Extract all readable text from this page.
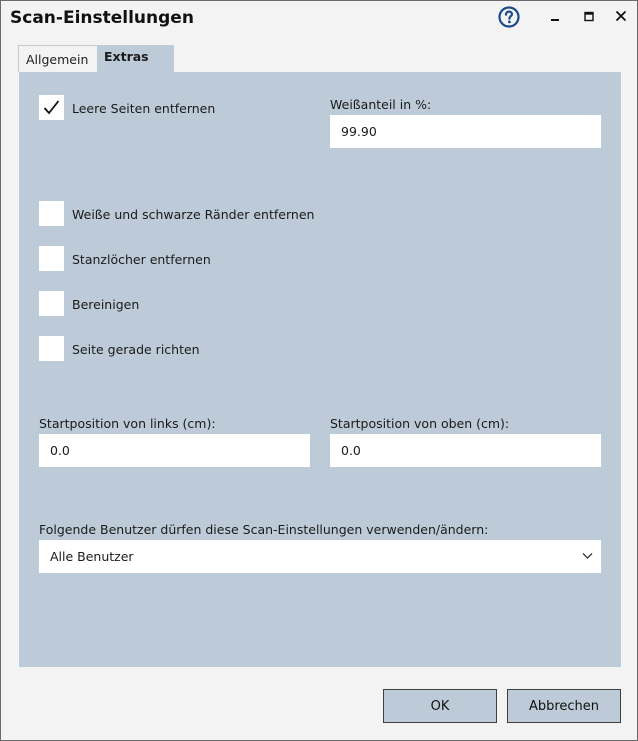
Scan-Einstellungen
Allgemein	Extras
Leere Seiten entfernen	Weißanteil in %:
99.90
Weiße und schwarze Ränder entfernen
Stanzlöcher entfernen
Bereinigen
Seite gerade richten
Startposition von links (cm):
0.0
Startposition von oben (cm):
0.0
Folgende Benutzer dürfen diese Scan-Einstellungen verwenden/ändern:
Alle Benutzer
OK	Abbrechen
